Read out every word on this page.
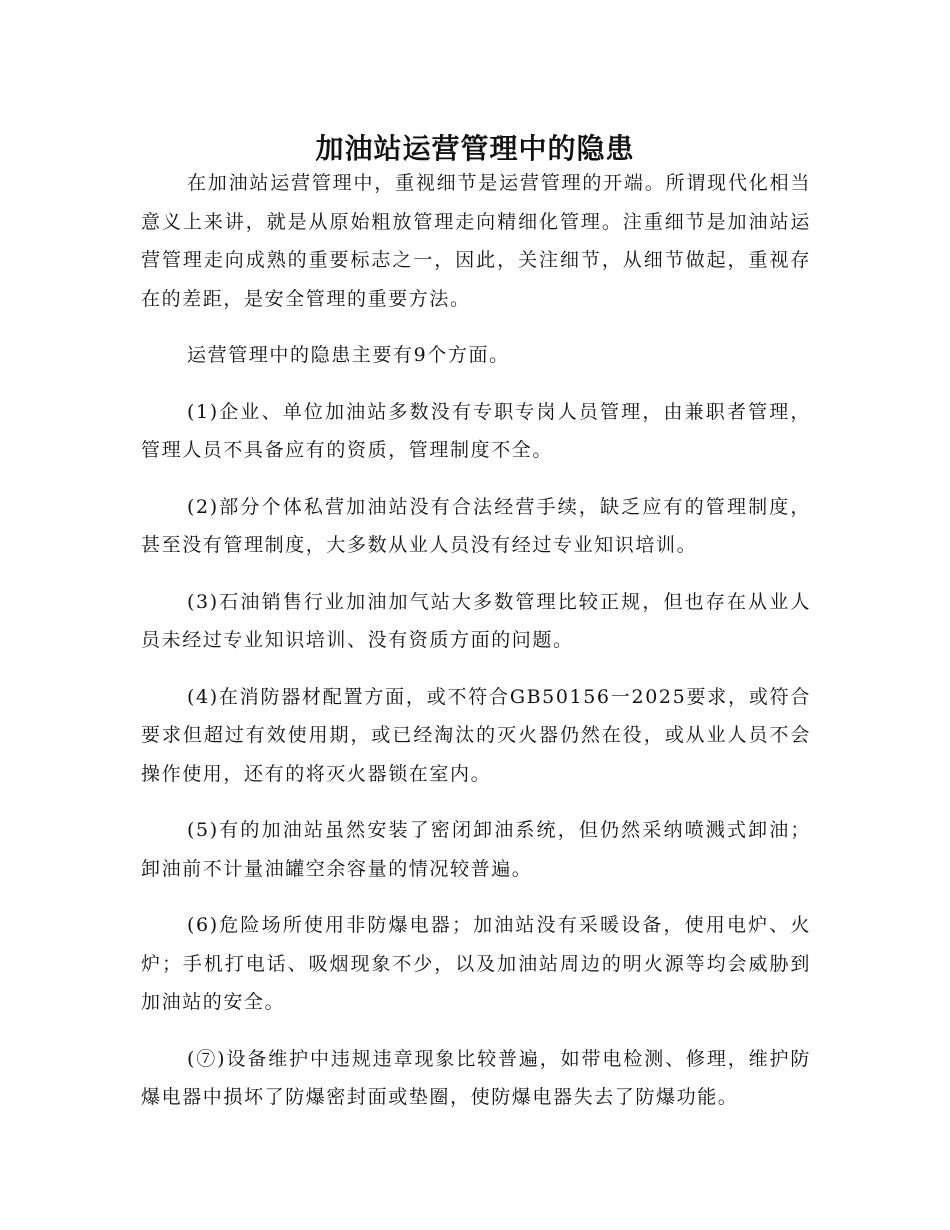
加油站运营管理中的隐患

在加油站运营管理中，重视细节是运营管理的开端。所谓现代化相当意义上来讲，就是从原始粗放管理走向精细化管理。注重细节是加油站运营管理走向成熟的重要标志之一，因此，关注细节，从细节做起，重视存在的差距，是安全管理的重要方法。

运营管理中的隐患主要有9个方面。

(1)企业、单位加油站多数没有专职专岗人员管理，由兼职者管理，管理人员不具备应有的资质，管理制度不全。

(2)部分个体私营加油站没有合法经营手续，缺乏应有的管理制度，甚至没有管理制度，大多数从业人员没有经过专业知识培训。

(3)石油销售行业加油加气站大多数管理比较正规，但也存在从业人员未经过专业知识培训、没有资质方面的问题。

(4)在消防器材配置方面，或不符合GB50156一2025要求，或符合要求但超过有效使用期，或已经淘汰的灭火器仍然在役，或从业人员不会操作使用，还有的将灭火器锁在室内。

(5)有的加油站虽然安装了密闭卸油系统，但仍然采纳喷溅式卸油；卸油前不计量油罐空余容量的情况较普遍。

(6)危险场所使用非防爆电器；加油站没有采暖设备，使用电炉、火炉；手机打电话、吸烟现象不少，以及加油站周边的明火源等均会威胁到加油站的安全。

(⑦)设备维护中违规违章现象比较普遍，如带电检测、修理，维护防爆电器中损坏了防爆密封面或垫圈，使防爆电器失去了防爆功能。
